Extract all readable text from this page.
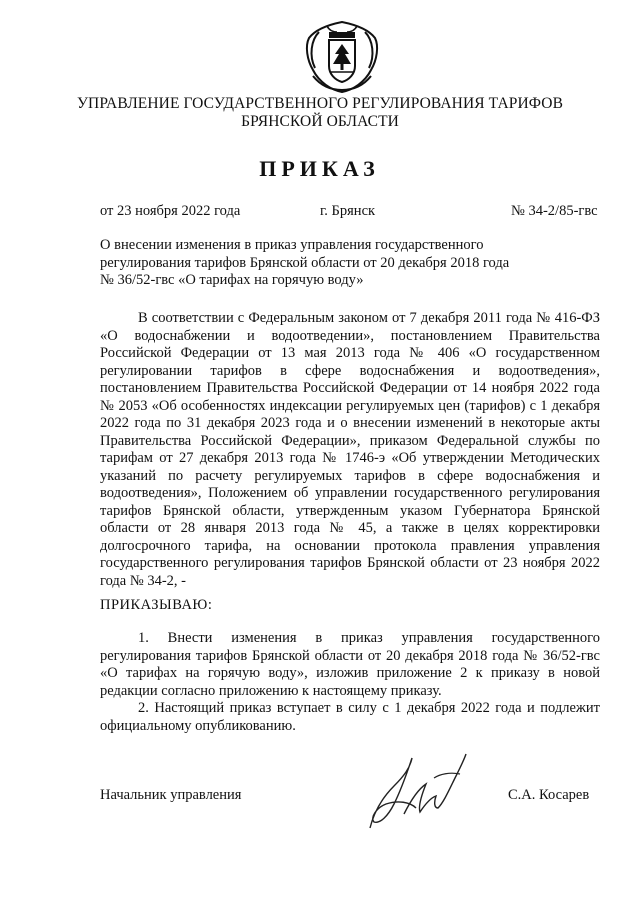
УПРАВЛЕНИЕ ГОСУДАРСТВЕННОГО РЕГУЛИРОВАНИЯ ТАРИФОВ
БРЯНСКОЙ ОБЛАСТИ
ПРИКАЗ
от 23 ноября 2022 года	г. Брянск	№ 34-2/85-гвс
О внесении изменения в приказ управления государственного
регулирования тарифов Брянской области от 20 декабря 2018 года
№ 36/52-гвс «О тарифах на горячую воду»

В соответствии с Федеральным законом от 7 декабря 2011 года № 416-ФЗ «О водоснабжении и водоотведении», постановлением Правительства Российской Федерации от 13 мая 2013 года № 406 «О государственном регулировании тарифов в сфере водоснабжения и водоотведения», постановлением Правительства Российской Федерации от 14 ноября 2022 года № 2053 «Об особенностях индексации регулируемых цен (тарифов) с 1 декабря 2022 года по 31 декабря 2023 года и о внесении изменений в некоторые акты Правительства Российской Федерации», приказом Федеральной службы по тарифам от 27 декабря 2013 года № 1746-э «Об утверждении Методических указаний по расчету регулируемых тарифов в сфере водоснабжения и водоотведения», Положением об управлении государственного регулирования тарифов Брянской области, утвержденным указом Губернатора Брянской области от 28 января 2013 года № 45, а также в целях корректировки долгосрочного тарифа, на основании протокола правления управления государственного регулирования тарифов Брянской области от 23 ноября 2022 года № 34-2, -

ПРИКАЗЫВАЮ:

1. Внести изменения в приказ управления государственного регулирования тарифов Брянской области от 20 декабря 2018 года № 36/52-гвс «О тарифах на горячую воду», изложив приложение 2 к приказу в новой редакции согласно приложению к настоящему приказу.

2. Настоящий приказ вступает в силу с 1 декабря 2022 года и подлежит официальному опубликованию.

Начальник управления	С.А. Косарев
